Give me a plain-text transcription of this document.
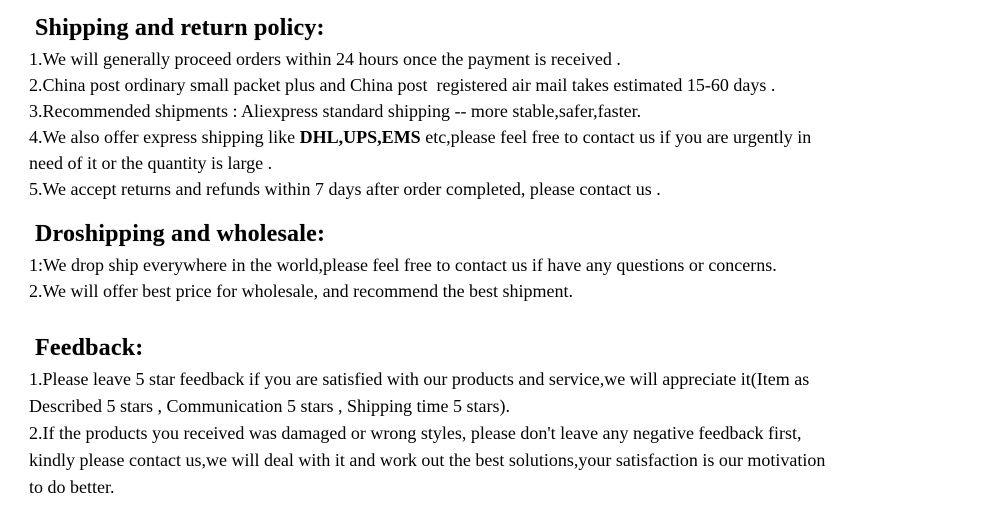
Shipping and return policy:

1.We will generally proceed orders within 24 hours once the payment is received .

2.China post ordinary small packet plus and China post  registered air mail takes estimated 15-60 days .

3.Recommended shipments : Aliexpress standard shipping -- more stable,safer,faster.

4.We also offer express shipping like DHL,UPS,EMS etc,please feel free to contact us if you are urgently in

need of it or the quantity is large .

5.We accept returns and refunds within 7 days after order completed, please contact us .

Droshipping and wholesale:

1:We drop ship everywhere in the world,please feel free to contact us if have any questions or concerns.

2.We will offer best price for wholesale, and recommend the best shipment.

Feedback:

1.Please leave 5 star feedback if you are satisfied with our products and service,we will appreciate it(Item as

Described 5 stars , Communication 5 stars , Shipping time 5 stars).

2.If the products you received was damaged or wrong styles, please don't leave any negative feedback first,

kindly please contact us,we will deal with it and work out the best solutions,your satisfaction is our motivation

to do better.
